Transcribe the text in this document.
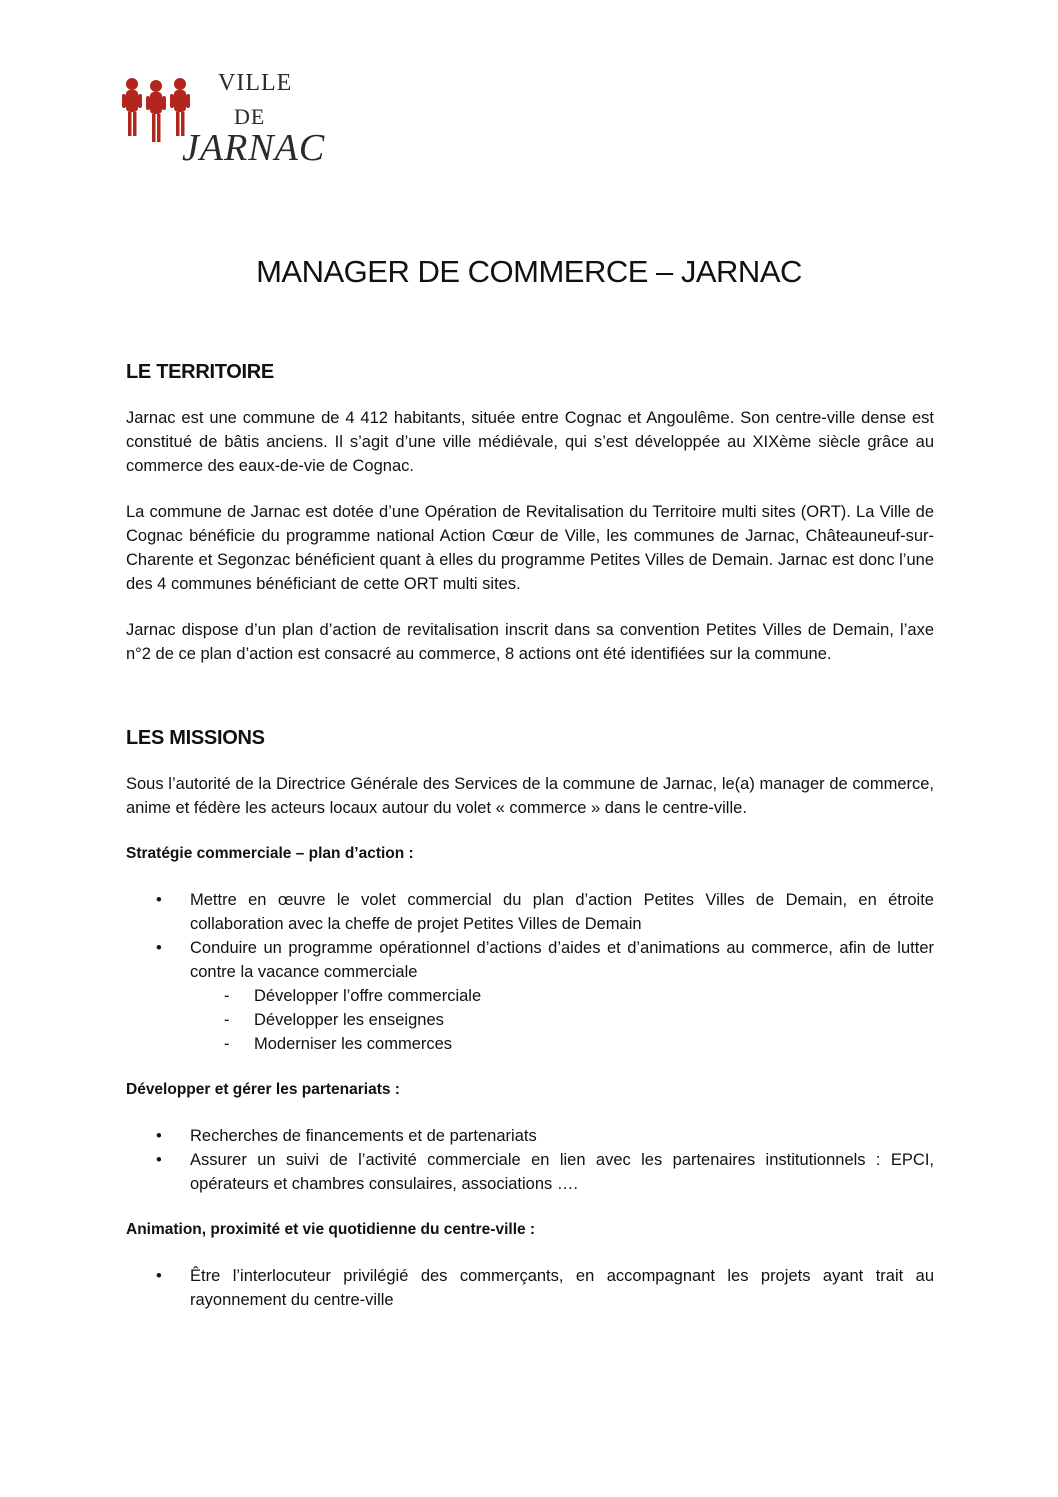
VILLE
DE
JARNAC
MANAGER DE COMMERCE – JARNAC
LE TERRITOIRE

Jarnac est une commune de 4 412 habitants, située entre Cognac et Angoulême. Son centre-ville dense est constitué de bâtis anciens. Il s’agit d’une ville médiévale, qui s’est développée au XIXème siècle grâce au commerce des eaux-de-vie de Cognac.

La commune de Jarnac est dotée d’une Opération de Revitalisation du Territoire multi sites (ORT). La Ville de Cognac bénéficie du programme national Action Cœur de Ville, les communes de Jarnac, Châteauneuf-sur-Charente et Segonzac bénéficient quant à elles du programme Petites Villes de Demain. Jarnac est donc l’une des 4 communes bénéficiant de cette ORT multi sites.

Jarnac dispose d’un plan d’action de revitalisation inscrit dans sa convention Petites Villes de Demain, l’axe n°2 de ce plan d’action est consacré au commerce, 8 actions ont été identifiées sur la commune.

LES MISSIONS

Sous l’autorité de la Directrice Générale des Services de la commune de Jarnac, le(a) manager de commerce, anime et fédère les acteurs locaux autour du volet « commerce » dans le centre-ville.

Stratégie commerciale – plan d’action :
• Mettre en œuvre le volet commercial du plan d’action Petites Villes de Demain, en étroite collaboration avec la cheffe de projet Petites Villes de Demain
• Conduire un programme opérationnel d’actions d’aides et d’animations au commerce, afin de lutter contre la vacance commerciale
- Développer l’offre commerciale
- Développer les enseignes
- Moderniser les commerces
Développer et gérer les partenariats :
• Recherches de financements et de partenariats
• Assurer un suivi de l’activité commerciale en lien avec les partenaires institutionnels : EPCI, opérateurs et chambres consulaires, associations ….
Animation, proximité et vie quotidienne du centre-ville :
• Être l’interlocuteur privilégié des commerçants, en accompagnant les projets ayant trait au rayonnement du centre-ville
